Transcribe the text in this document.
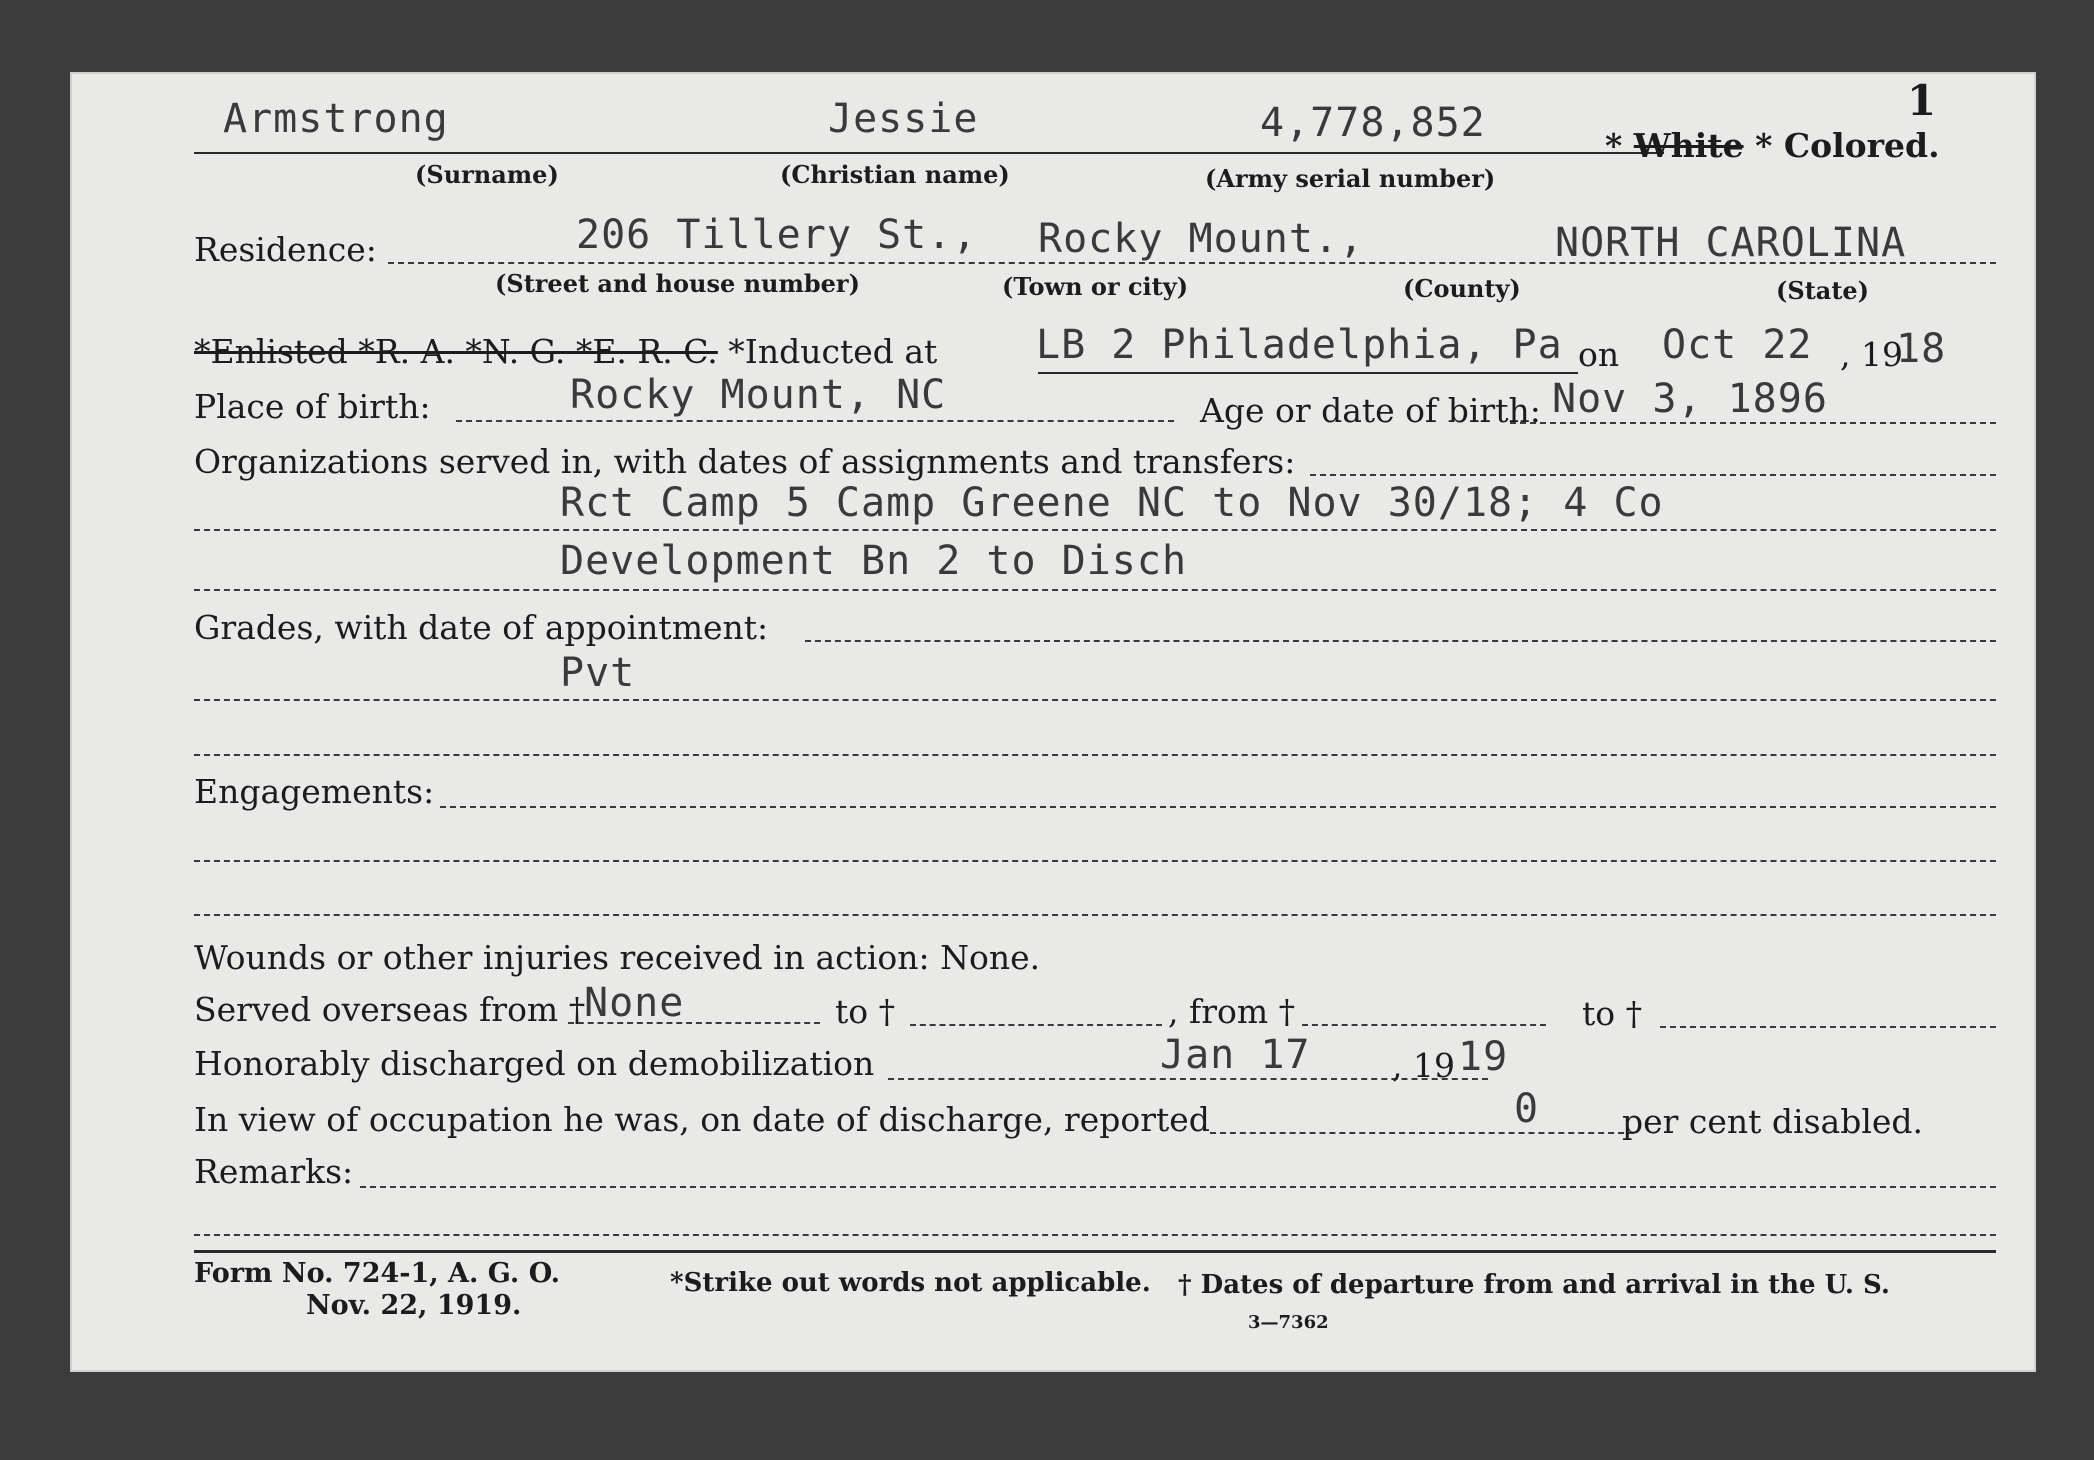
1
Armstrong	Jessie	4,778,852	* White * Colored.
(Surname)	(Christian name)	(Army serial number)
Residence:	206 Tillery St., Rocky Mount.,	NORTH CAROLINA
(Street and house number)	(Town or city)	(County)	(State)
*Enlisted *R. A. *N. G. *E. R. C. *Inducted at LB 2 Philadelphia, Pa on Oct 22 , 19
18
Place of birth:	Rocky Mount, NC	Age or date of birth: Nov 3, 1896
Organizations served in, with dates of assignments and transfers:
Rct Camp 5 Camp Greene NC to Nov 30/18; 4 Co
Development Bn 2 to Disch
Grades, with date of appointment:
Pvt
Engagements:
Wounds or other injuries received in action: None.
Served overseas from †
None	to †	, from †	to †
Honorably discharged on demobilization	Jan 17 , 19 19
In view of occupation he was, on date of discharge, reported	0	per cent disabled.
Remarks:
Form No. 724-1, A. G. O.
Nov. 22, 1919.
*Strike out words not applicable. † Dates of departure from and arrival in the U. S.
3—7362
